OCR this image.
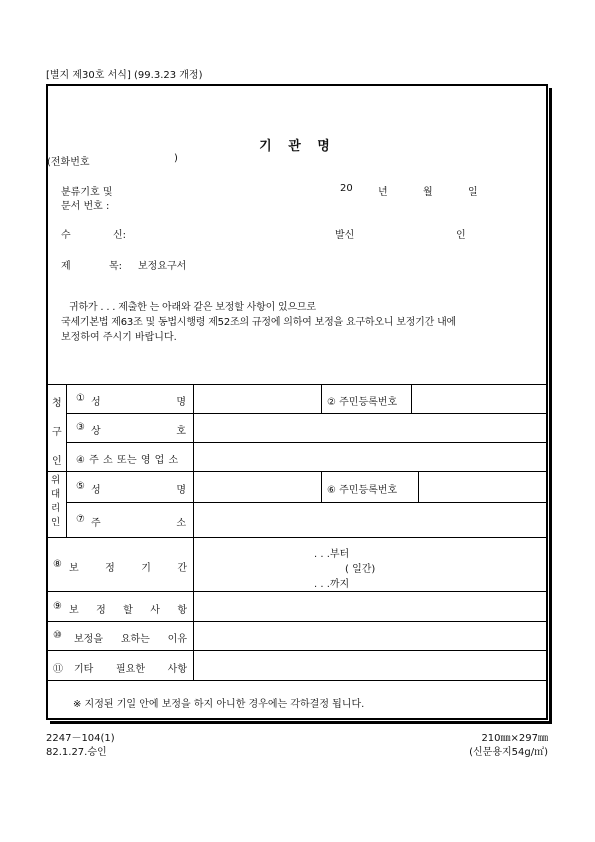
[별지 제30호 서식] (99.3.23 개정)
기 관 명
(전화번호	)
분류기호 및
문서 번호 :
20	년	월	일
수	신:	발신	인
제	목: 보정요구서
귀하가 . . . 제출한 는 아래와 같은 보정할 사항이 있으므로
국세기본법 제63조 및 동법시행령 제52조의 규정에 의하여 보정을 요구하오니 보정기간 내에
보정하여 주시기 바랍니다.
청
구
인
위
대
리
인
① 성	명	② 주민등록번호
③ 상	호
④ 주 소 또는 영 업 소
⑤ 성	명	⑥ 주민등록번호
⑦ 주	소
⑧ 보	정	기	간
. . .부터
( 일간)
. . .까지
⑨ 보 정 할 사 항
⑩ 보정을 요하는 이유
⑪ 기타 필요한 사항
※ 지정된 기일 안에 보정을 하지 아니한 경우에는 각하결정 됩니다.
2247－104(1)
82.1.27.승인
210㎜×297㎜
(신문용지54g/㎡)
